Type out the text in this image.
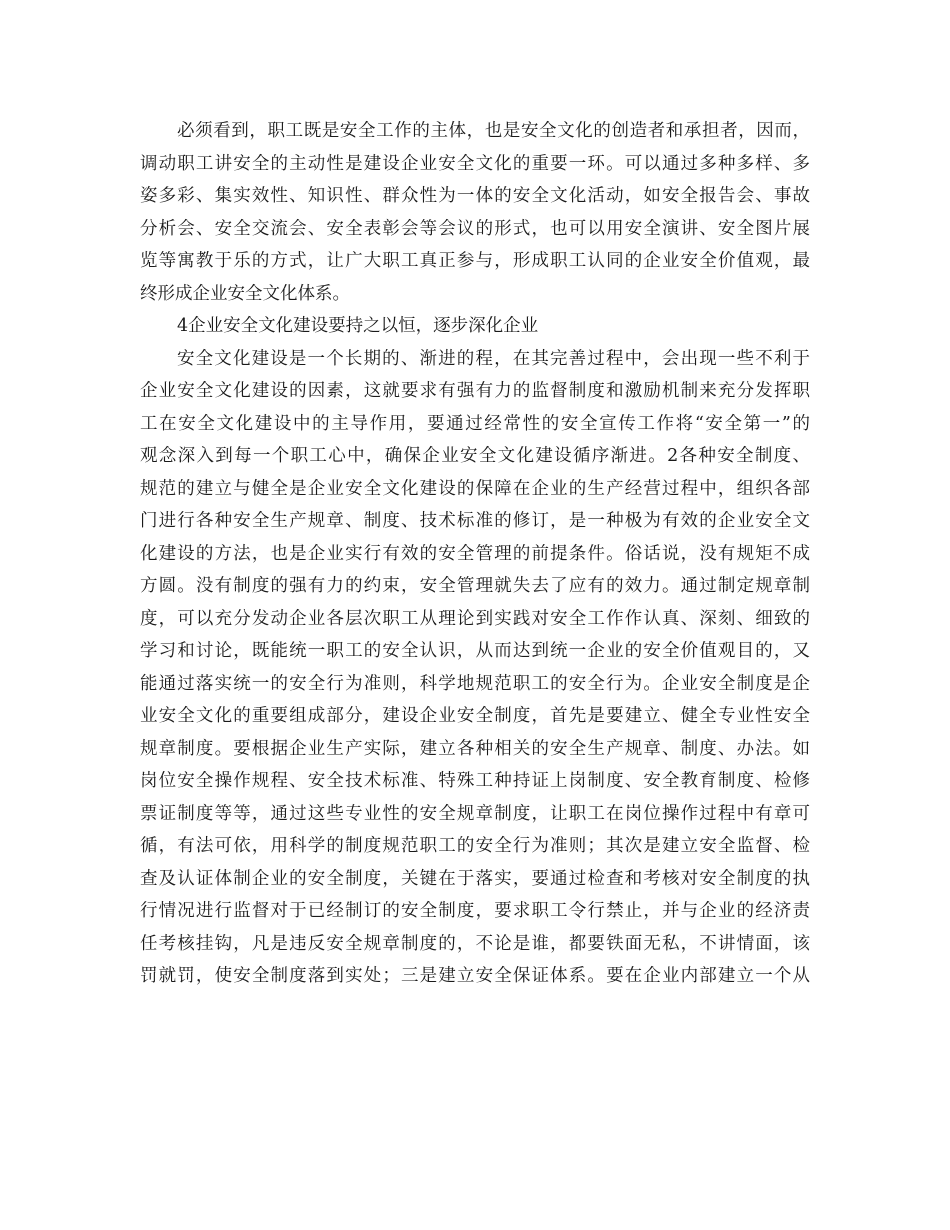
必须看到，职工既是安全工作的主体，也是安全文化的创造者和承担者，因而，
调动职工讲安全的主动性是建设企业安全文化的重要一环。可以通过多种多样、多
姿多彩、集实效性、知识性、群众性为一体的安全文化活动，如安全报告会、事故
分析会、安全交流会、安全表彰会等会议的形式，也可以用安全演讲、安全图片展
览等寓教于乐的方式，让广大职工真正参与，形成职工认同的企业安全价值观，最
终形成企业安全文化体系。
4企业安全文化建设要持之以恒，逐步深化企业
安全文化建设是一个长期的、渐进的程，在其完善过程中，会出现一些不利于
企业安全文化建设的因素，这就要求有强有力的监督制度和激励机制来充分发挥职
工在安全文化建设中的主导作用，要通过经常性的安全宣传工作将“安全第一”的
观念深入到每一个职工心中，确保企业安全文化建设循序渐进。2各种安全制度、
规范的建立与健全是企业安全文化建设的保障在企业的生产经营过程中，组织各部
门进行各种安全生产规章、制度、技术标准的修订，是一种极为有效的企业安全文
化建设的方法，也是企业实行有效的安全管理的前提条件。俗话说，没有规矩不成
方圆。没有制度的强有力的约束，安全管理就失去了应有的效力。通过制定规章制
度，可以充分发动企业各层次职工从理论到实践对安全工作作认真、深刻、细致的
学习和讨论，既能统一职工的安全认识，从而达到统一企业的安全价值观目的，又
能通过落实统一的安全行为准则，科学地规范职工的安全行为。企业安全制度是企
业安全文化的重要组成部分，建设企业安全制度，首先是要建立、健全专业性安全
规章制度。要根据企业生产实际，建立各种相关的安全生产规章、制度、办法。如
岗位安全操作规程、安全技术标准、特殊工种持证上岗制度、安全教育制度、检修
票证制度等等，通过这些专业性的安全规章制度，让职工在岗位操作过程中有章可
循，有法可依，用科学的制度规范职工的安全行为准则；其次是建立安全监督、检
查及认证体制企业的安全制度，关键在于落实，要通过检查和考核对安全制度的执
行情况进行监督对于已经制订的安全制度，要求职工令行禁止，并与企业的经济责
任考核挂钩，凡是违反安全规章制度的，不论是谁，都要铁面无私，不讲情面，该
罚就罚，使安全制度落到实处；三是建立安全保证体系。要在企业内部建立一个从
